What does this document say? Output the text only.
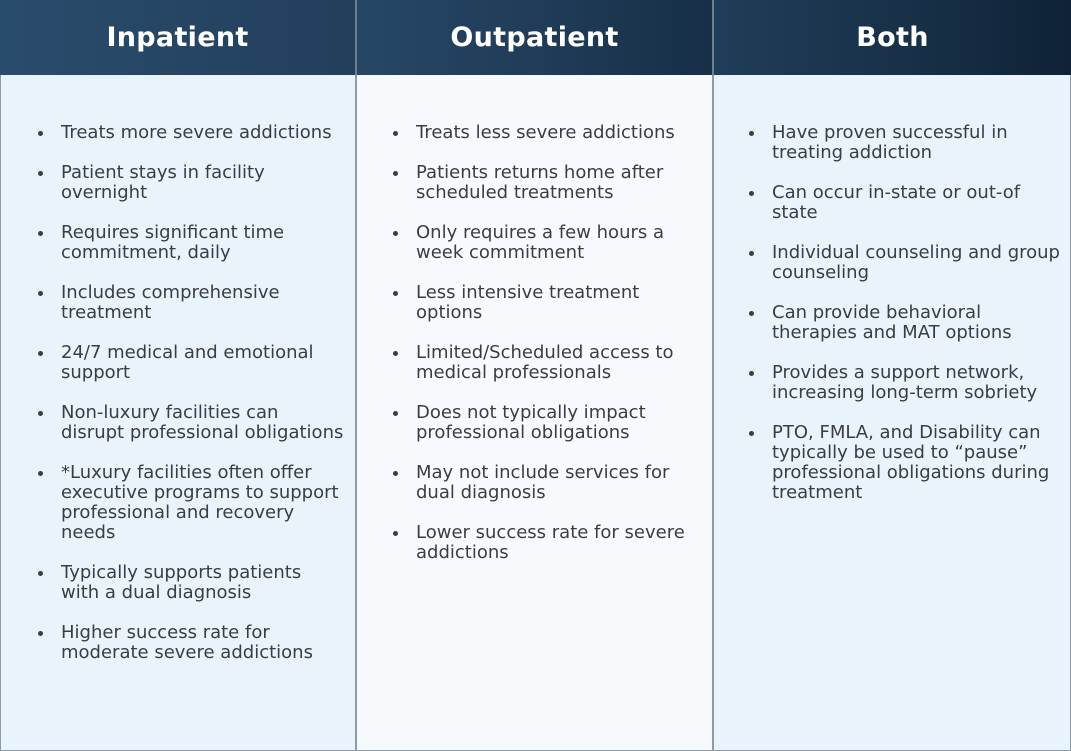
Inpatient	Outpatient	Both
Treats more severe addictions
Patient stays in facility overnight
Requires significant time commitment, daily
Includes comprehensive treatment
24/7 medical and emotional support
Non-luxury facilities can disrupt professional obligations
*Luxury facilities often offer executive programs to support professional and recovery needs
Typically supports patients with a dual diagnosis
Higher success rate for moderate severe addictions
Treats less severe addictions
Patients returns home after scheduled treatments
Only requires a few hours a week commitment
Less intensive treatment options
Limited/Scheduled access to medical professionals
Does not typically impact professional obligations
May not include services for dual diagnosis
Lower success rate for severe addictions
Have proven successful in treating addiction
Can occur in-state or out-of state
Individual counseling and group counseling
Can provide behavioral therapies and MAT options
Provides a support network, increasing long-term sobriety
PTO, FMLA, and Disability can typically be used to “pause” professional obligations during treatment
